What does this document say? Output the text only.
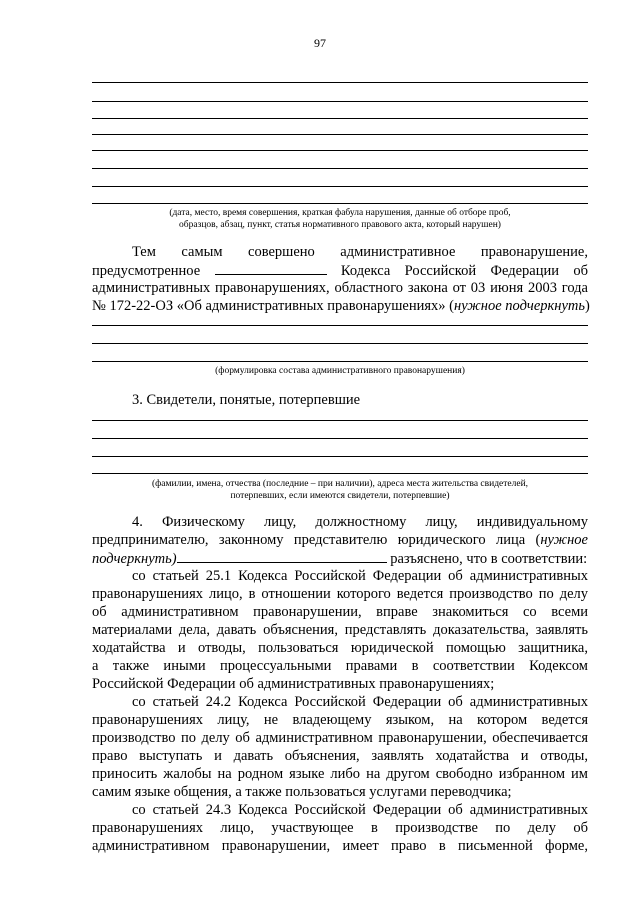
97
(дата, место, время совершения, краткая фабула нарушения, данные об отборе проб,
образцов, абзац, пункт, статья нормативного правового акта, который нарушен)
Тем самым совершено административное правонарушение,
предусмотренное	Кодекса Российской Федерации об
административных правонарушениях, областного закона от 03 июня 2003 года
№ 172-22-ОЗ «Об административных правонарушениях» (нужное подчеркнуть)
(формулировка состава административного правонарушения)
3. Свидетели, понятые, потерпевшие
(фамилии, имена, отчества (последние – при наличии), адреса места жительства свидетелей,
потерпевших, если имеются свидетели, потерпевшие)
4. Физическому лицу, должностному лицу, индивидуальному
предпринимателю, законному представителю юридического лица (нужное
подчеркнуть)	разъяснено, что в соответствии:
со статьей 25.1 Кодекса Российской Федерации об административных
правонарушениях лицо, в отношении которого ведется производство по делу
об административном правонарушении, вправе знакомиться со всеми
материалами дела, давать объяснения, представлять доказательства, заявлять
ходатайства и отводы, пользоваться юридической помощью защитника,
а также иными процессуальными правами в соответствии Кодексом
Российской Федерации об административных правонарушениях;
со статьей 24.2 Кодекса Российской Федерации об административных
правонарушениях лицу, не владеющему языком, на котором ведется
производство по делу об административном правонарушении, обеспечивается
право выступать и давать объяснения, заявлять ходатайства и отводы,
приносить жалобы на родном языке либо на другом свободно избранном им
самим языке общения, а также пользоваться услугами переводчика;
со статьей 24.3 Кодекса Российской Федерации об административных
правонарушениях лицо, участвующее в производстве по делу об
административном правонарушении, имеет право в письменной форме,
